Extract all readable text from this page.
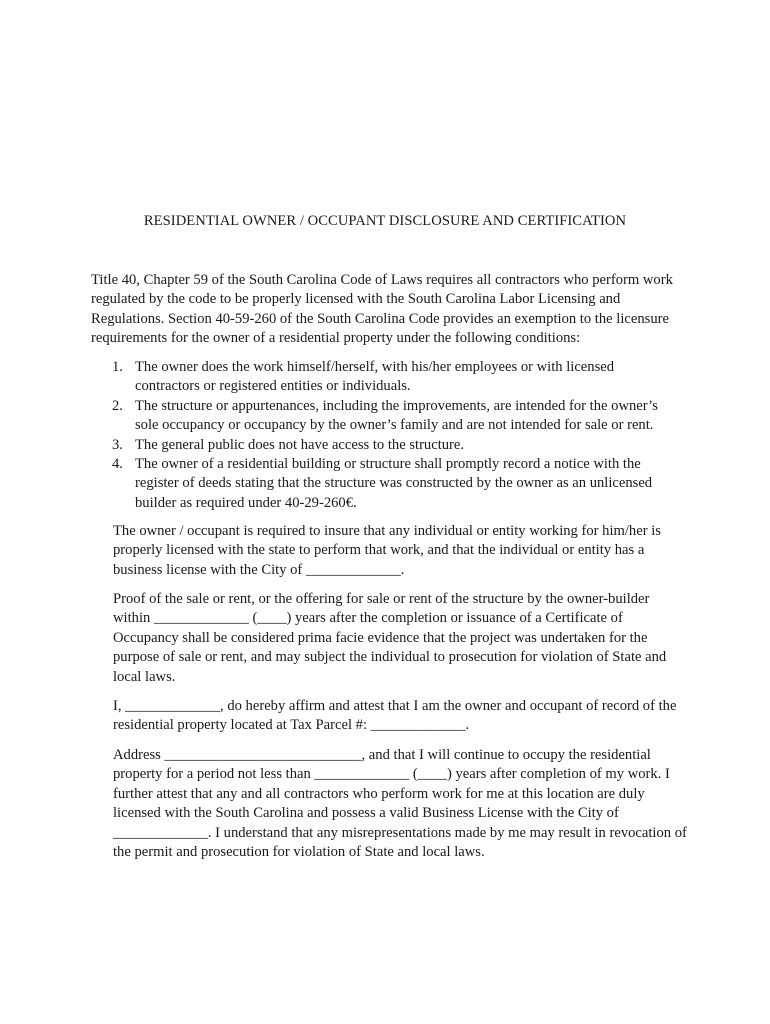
RESIDENTIAL OWNER / OCCUPANT DISCLOSURE AND CERTIFICATION

Title 40, Chapter 59 of the South Carolina Code of Laws requires all contractors who perform work regulated by the code to be properly licensed with the South Carolina Labor Licensing and Regulations. Section 40-59-260 of the South Carolina Code provides an exemption to the licensure requirements for the owner of a residential property under the following conditions:

1. The owner does the work himself/herself, with his/her employees or with licensed contractors or registered entities or individuals.
2. The structure or appurtenances, including the improvements, are intended for the owner’s sole occupancy or occupancy by the owner’s family and are not intended for sale or rent.
3. The general public does not have access to the structure.
4. The owner of a residential building or structure shall promptly record a notice with the register of deeds stating that the structure was constructed by the owner as an unlicensed builder as required under 40-29-260€.

The owner / occupant is required to insure that any individual or entity working for him/her is properly licensed with the state to perform that work, and that the individual or entity has a business license with the City of _____________.

Proof of the sale or rent, or the offering for sale or rent of the structure by the owner-builder within _____________ (____) years after the completion or issuance of a Certificate of Occupancy shall be considered prima facie evidence that the project was undertaken for the purpose of sale or rent, and may subject the individual to prosecution for violation of State and local laws.

I, _____________, do hereby affirm and attest that I am the owner and occupant of record of the residential property located at Tax Parcel #: _____________.

Address ___________________________, and that I will continue to occupy the residential property for a period not less than _____________ (____) years after completion of my work. I further attest that any and all contractors who perform work for me at this location are duly licensed with the South Carolina and possess a valid Business License with the City of _____________. I understand that any misrepresentations made by me may result in revocation of the permit and prosecution for violation of State and local laws.
